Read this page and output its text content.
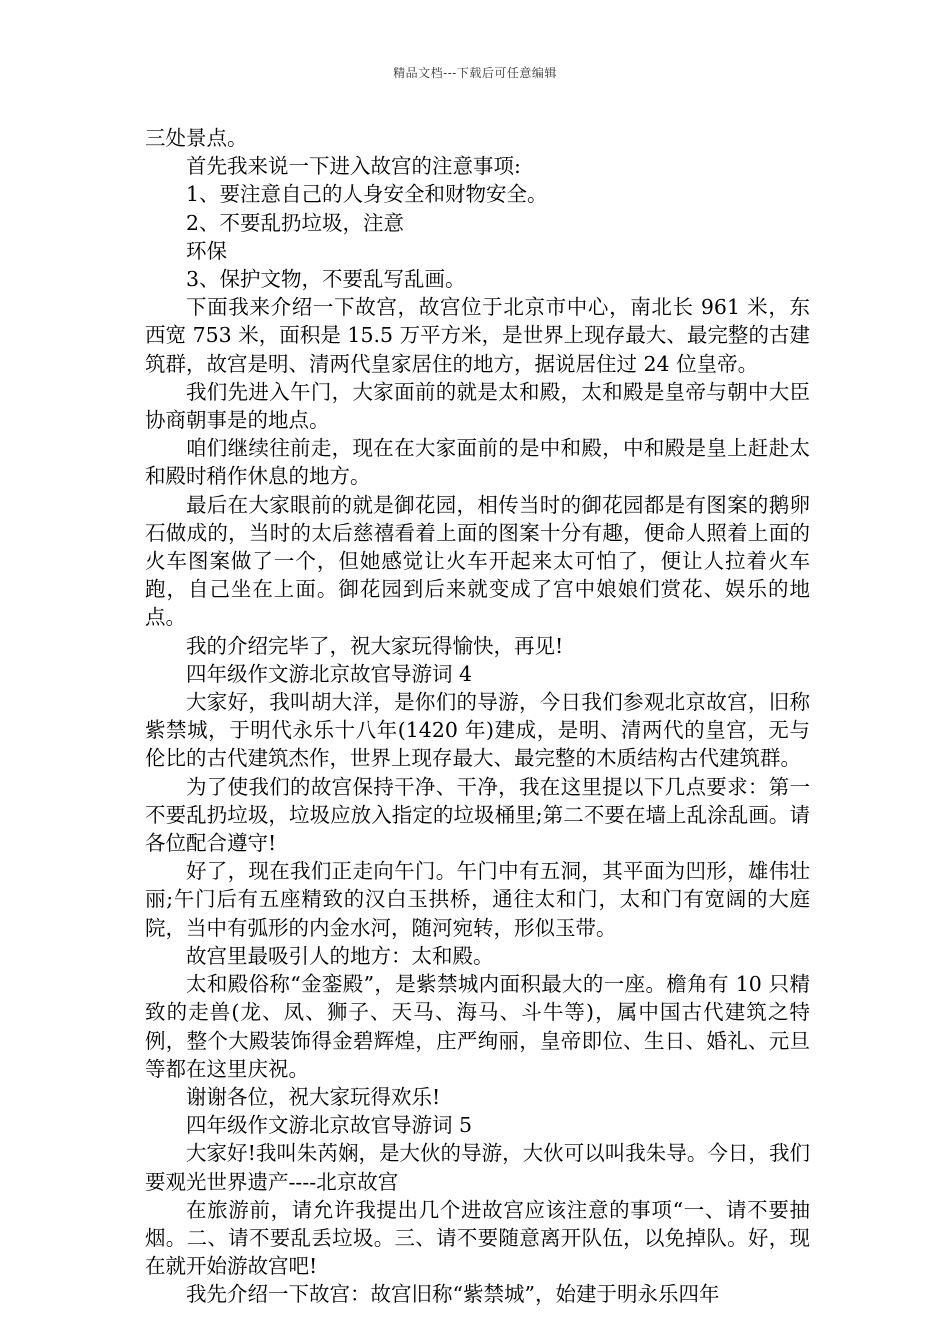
精品文档---下载后可任意编辑

三处景点。

首先我来说一下进入故宫的注意事项:

1、要注意自己的人身安全和财物安全。

2、不要乱扔垃圾，注意

环保

3、保护文物，不要乱写乱画。

下面我来介绍一下故宫，故宫位于北京市中心，南北长 961 米，东西宽 753 米，面积是 15.5 万平方米，是世界上现存最大、最完整的古建筑群，故宫是明、清两代皇家居住的地方，据说居住过 24 位皇帝。

我们先进入午门，大家面前的就是太和殿，太和殿是皇帝与朝中大臣协商朝事是的地点。

咱们继续往前走，现在在大家面前的是中和殿，中和殿是皇上赶赴太和殿时稍作休息的地方。

最后在大家眼前的就是御花园，相传当时的御花园都是有图案的鹅卵石做成的，当时的太后慈禧看着上面的图案十分有趣，便命人照着上面的火车图案做了一个，但她感觉让火车开起来太可怕了，便让人拉着火车跑，自己坐在上面。御花园到后来就变成了宫中娘娘们赏花、娱乐的地点。

我的介绍完毕了，祝大家玩得愉快，再见!

四年级作文游北京故官导游词 4

大家好，我叫胡大洋，是你们的导游，今日我们参观北京故宫，旧称紫禁城，于明代永乐十八年(1420 年)建成，是明、清两代的皇宫，无与伦比的古代建筑杰作，世界上现存最大、最完整的木质结构古代建筑群。

为了使我们的故宫保持干净、干净，我在这里提以下几点要求：第一不要乱扔垃圾，垃圾应放入指定的垃圾桶里;第二不要在墙上乱涂乱画。请各位配合遵守!

好了，现在我们正走向午门。午门中有五洞，其平面为凹形，雄伟壮丽;午门后有五座精致的汉白玉拱桥，通往太和门，太和门有宽阔的大庭院，当中有弧形的内金水河，随河宛转，形似玉带。

故宫里最吸引人的地方：太和殿。

太和殿俗称“金銮殿”，是紫禁城内面积最大的一座。檐角有 10 只精致的走兽(龙、凤、狮子、天马、海马、斗牛等)，属中国古代建筑之特例，整个大殿装饰得金碧辉煌，庄严绚丽，皇帝即位、生日、婚礼、元旦等都在这里庆祝。

谢谢各位，祝大家玩得欢乐!

四年级作文游北京故官导游词 5

大家好!我叫朱芮娴，是大伙的导游，大伙可以叫我朱导。今日，我们要观光世界遗产----北京故宫

在旅游前，请允许我提出几个进故宫应该注意的事项“一、请不要抽烟。二、请不要乱丢垃圾。三、请不要随意离开队伍，以免掉队。好，现在就开始游故宫吧!

我先介绍一下故宫：故宫旧称“紫禁城”，始建于明永乐四年
